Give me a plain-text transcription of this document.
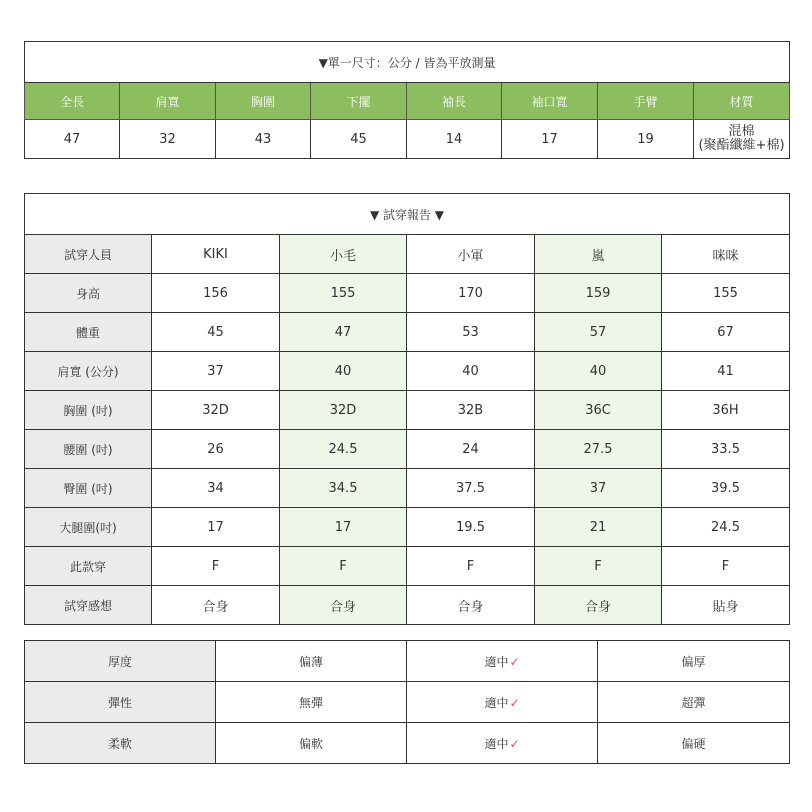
▼單一尺寸：公分 / 皆為平放測量							
全長	肩寬	胸圍	下擺	袖長	袖口寬	手臂	材質
47	32	43	45	14	17	19	混棉
(聚酯纖維+棉)
▼ 試穿報告 ▼					
試穿人員	KIKI	小毛	小軍	嵐	咪咪
身高	156	155	170	159	155
體重	45	47	53	57	67
肩寬 (公分)	37	40	40	40	41
胸圍 (吋)	32D	32D	32B	36C	36H
腰圍 (吋)	26	24.5	24	27.5	33.5
臀圍 (吋)	34	34.5	37.5	37	39.5
大腿圍(吋)	17	17	19.5	21	24.5
此款穿	F	F	F	F	F
試穿感想	合身	合身	合身	合身	貼身
厚度	偏薄	適中✓	偏厚
彈性	無彈	適中✓	超彈
柔軟	偏軟	適中✓	偏硬
